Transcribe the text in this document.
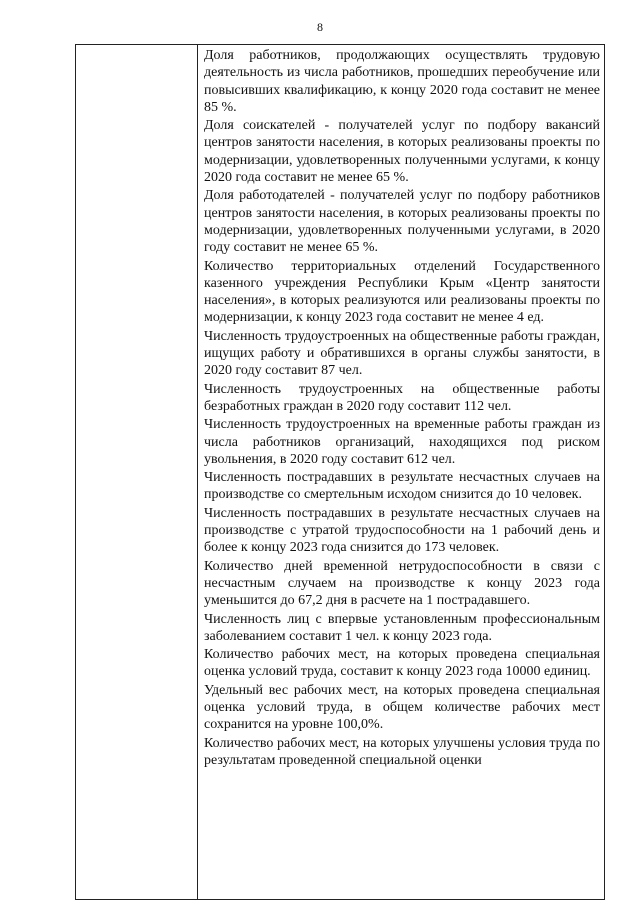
8

Доля работников, продолжающих осуществлять трудовую деятельность из числа работников, прошедших переобучение или повысивших квалификацию, к концу 2020 года составит не менее 85 %.

Доля соискателей - получателей услуг по подбору вакансий центров занятости населения, в которых реализованы проекты по модернизации, удовлетворенных полученными услугами, к концу 2020 года составит не менее 65 %.

Доля работодателей - получателей услуг по подбору работников центров занятости населения, в которых реализованы проекты по модернизации, удовлетворенных полученными услугами, в 2020 году составит не менее 65 %.

Количество территориальных отделений Государственного казенного учреждения Республики Крым «Центр занятости населения», в которых реализуются или реализованы проекты по модернизации, к концу 2023 года составит не менее 4 ед.

Численность трудоустроенных на общественные работы граждан, ищущих работу и обратившихся в органы службы занятости, в 2020 году составит 87 чел.

Численность трудоустроенных на общественные работы безработных граждан в 2020 году составит 112 чел.

Численность трудоустроенных на временные работы граждан из числа работников организаций, находящихся под риском увольнения, в 2020 году составит 612 чел.

Численность пострадавших в результате несчастных случаев на производстве со смертельным исходом снизится до 10 человек.

Численность пострадавших в результате несчастных случаев на производстве с утратой трудоспособности на 1 рабочий день и более к концу 2023 года снизится до 173 человек.

Количество дней временной нетрудоспособности в связи с несчастным случаем на производстве к концу 2023 года уменьшится до 67,2 дня в расчете на 1 пострадавшего.

Численность лиц с впервые установленным профессиональным заболеванием составит 1 чел. к концу 2023 года.

Количество рабочих мест, на которых проведена специальная оценка условий труда, составит к концу 2023 года 10000 единиц.

Удельный вес рабочих мест, на которых проведена специальная оценка условий труда, в общем количестве рабочих мест сохранится на уровне 100,0%.

Количество рабочих мест, на которых улучшены условия труда по результатам проведенной специальной оценки
